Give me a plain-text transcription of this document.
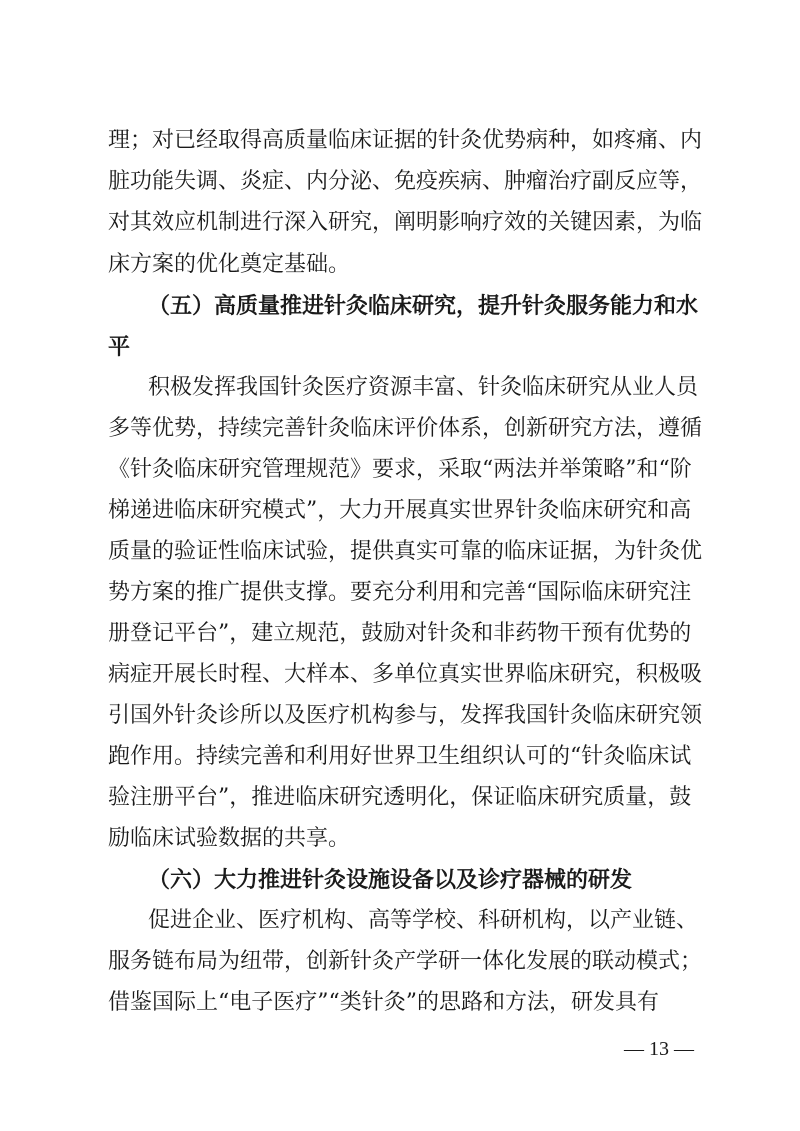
理；对已经取得高质量临床证据的针灸优势病种，如疼痛、内
脏功能失调、炎症、内分泌、免疫疾病、肿瘤治疗副反应等，
对其效应机制进行深入研究，阐明影响疗效的关键因素，为临
床方案的优化奠定基础。
（五）高质量推进针灸临床研究，提升针灸服务能力和水
平
积极发挥我国针灸医疗资源丰富、针灸临床研究从业人员
多等优势，持续完善针灸临床评价体系，创新研究方法，遵循
《针灸临床研究管理规范》要求，采取“两法并举策略”和“阶
梯递进临床研究模式”，大力开展真实世界针灸临床研究和高
质量的验证性临床试验，提供真实可靠的临床证据，为针灸优
势方案的推广提供支撑。要充分利用和完善“国际临床研究注
册登记平台”，建立规范，鼓励对针灸和非药物干预有优势的
病症开展长时程、大样本、多单位真实世界临床研究，积极吸
引国外针灸诊所以及医疗机构参与，发挥我国针灸临床研究领
跑作用。持续完善和利用好世界卫生组织认可的“针灸临床试
验注册平台”，推进临床研究透明化，保证临床研究质量，鼓
励临床试验数据的共享。
（六）大力推进针灸设施设备以及诊疗器械的研发
促进企业、医疗机构、高等学校、科研机构，以产业链、
服务链布局为纽带，创新针灸产学研一体化发展的联动模式；
借鉴国际上“电子医疗”“类针灸”的思路和方法，研发具有
— 13 —
